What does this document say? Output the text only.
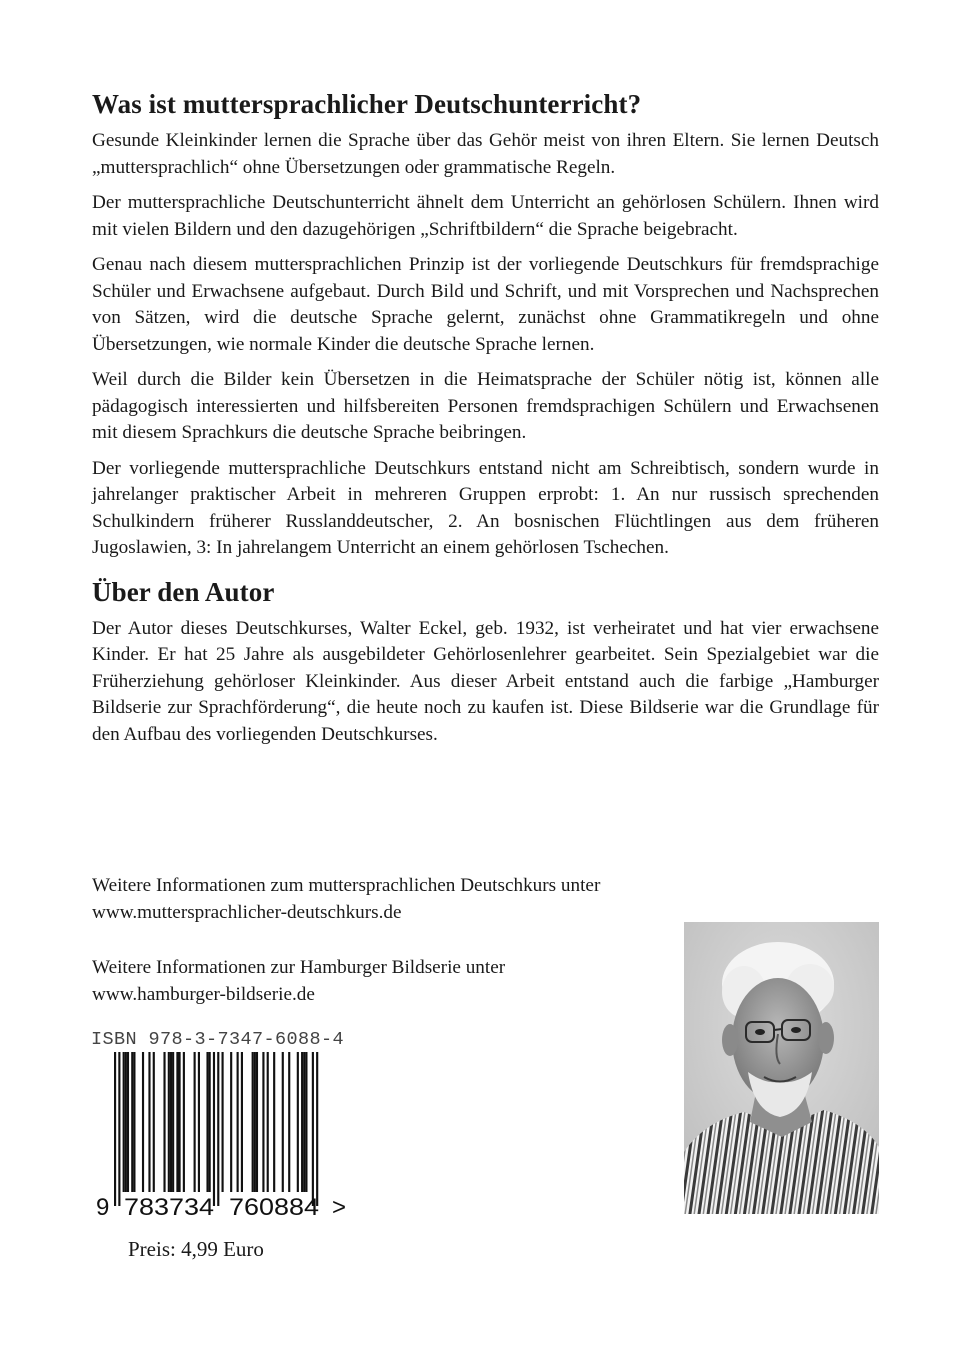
Was ist muttersprachlicher Deutschunterricht?

Gesunde Kleinkinder lernen die Sprache über das Gehör meist von ihren Eltern. Sie lernen Deutsch „muttersprachlich“ ohne Übersetzungen oder grammatische Regeln.

Der muttersprachliche Deutschunterricht ähnelt dem Unterricht an gehörlosen Schülern. Ihnen wird mit vielen Bildern und den dazugehörigen „Schriftbildern“ die Sprache beigebracht.

Genau nach diesem muttersprachlichen Prinzip ist der vorliegende Deutschkurs für fremdsprachige Schüler und Erwachsene aufgebaut. Durch Bild und Schrift, und mit Vorsprechen und Nachsprechen von Sätzen, wird die deutsche Sprache gelernt, zunächst ohne Grammatikregeln und ohne Übersetzungen, wie normale Kinder die deutsche Sprache lernen.

Weil durch die Bilder kein Übersetzen in die Heimatsprache der Schüler nötig ist, können alle pädagogisch interessierten und hilfsbereiten Personen fremdsprachigen Schülern und Erwachsenen mit diesem Sprachkurs die deutsche Sprache beibringen.

Der vorliegende muttersprachliche Deutschkurs entstand nicht am Schreibtisch, sondern wurde in jahrelanger praktischer Arbeit in mehreren Gruppen erprobt: 1. An nur russisch sprechenden Schulkindern früherer Russlanddeutscher, 2. An bosnischen Flüchtlingen aus dem früheren Jugoslawien, 3: In jahrelangem Unterricht an einem gehörlosen Tschechen.

Über den Autor

Der Autor dieses Deutschkurses, Walter Eckel, geb. 1932, ist verheiratet und hat vier erwachsene Kinder. Er hat 25 Jahre als ausgebildeter Gehörlosenlehrer gearbeitet. Sein Spezialgebiet war die Früherziehung gehörloser Kleinkinder. Aus dieser Arbeit entstand auch die farbige „Hamburger Bildserie zur Sprachförderung“, die heute noch zu kaufen ist. Diese Bildserie war die Grundlage für den Aufbau des vorliegenden Deutschkurses.

Weitere Informationen zum muttersprachlichen Deutschkurs unter

www.muttersprachlicher-deutschkurs.de

Weitere Informationen zur Hamburger Bildserie unter

www.hamburger-bildserie.de

ISBN 978-3-7347-6088-4
9 783734 760884 >
Preis: 4,99 Euro
